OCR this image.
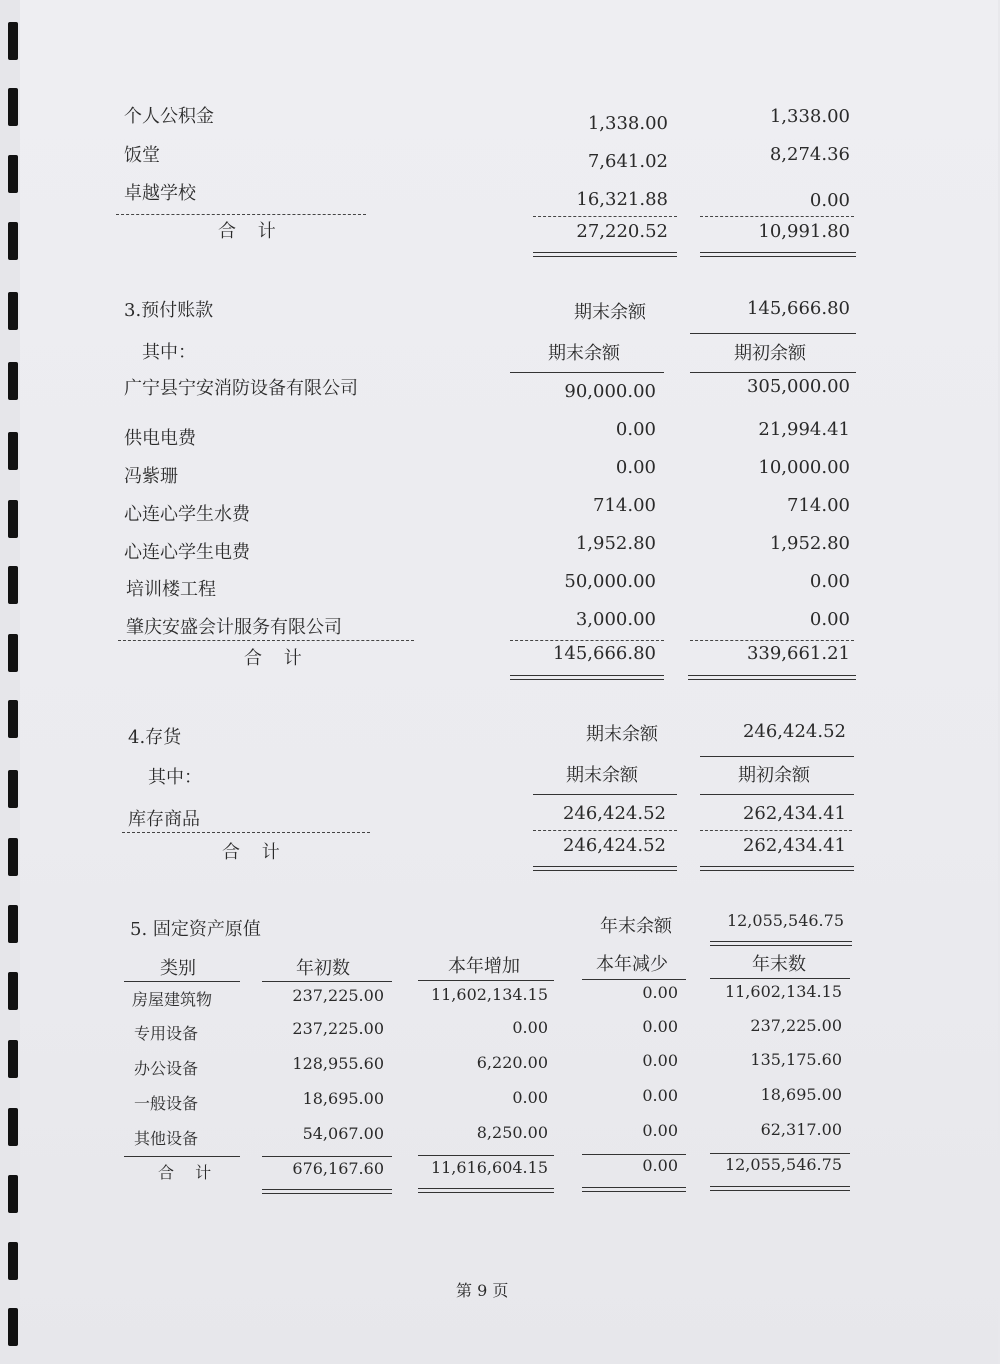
个人公积金	1,338.00	1,338.00
饭堂	7,641.02	8,274.36
卓越学校	16,321.88	0.00
合 计	27,220.52	10,991.80
3.预付账款	期末余额	145,666.80
其中：	期末余额	期初余额
广宁县宁安消防设备有限公司	90,000.00	305,000.00
供电电费	0.00	21,994.41
冯紫珊	0.00	10,000.00
心连心学生水费	714.00	714.00
心连心学生电费	1,952.80	1,952.80
培训楼工程	50,000.00	0.00
肇庆安盛会计服务有限公司	3,000.00	0.00
合 计	145,666.80	339,661.21
4.存货	期末余额	246,424.52
其中：	期末余额	期初余额
库存商品	246,424.52	262,434.41
合 计	246,424.52	262,434.41
5. 固定资产原值	年末余额	12,055,546.75
类别	年初数	本年增加	本年减少	年末数
房屋建筑物	237,225.00	11,602,134.15	0.00	11,602,134.15
专用设备	237,225.00	0.00	0.00	237,225.00
办公设备	128,955.60	6,220.00	0.00	135,175.60
一般设备	18,695.00	0.00	0.00	18,695.00
其他设备	54,067.00	8,250.00	0.00	62,317.00
合 计	676,167.60	11,616,604.15	0.00	12,055,546.75
第 9 页
